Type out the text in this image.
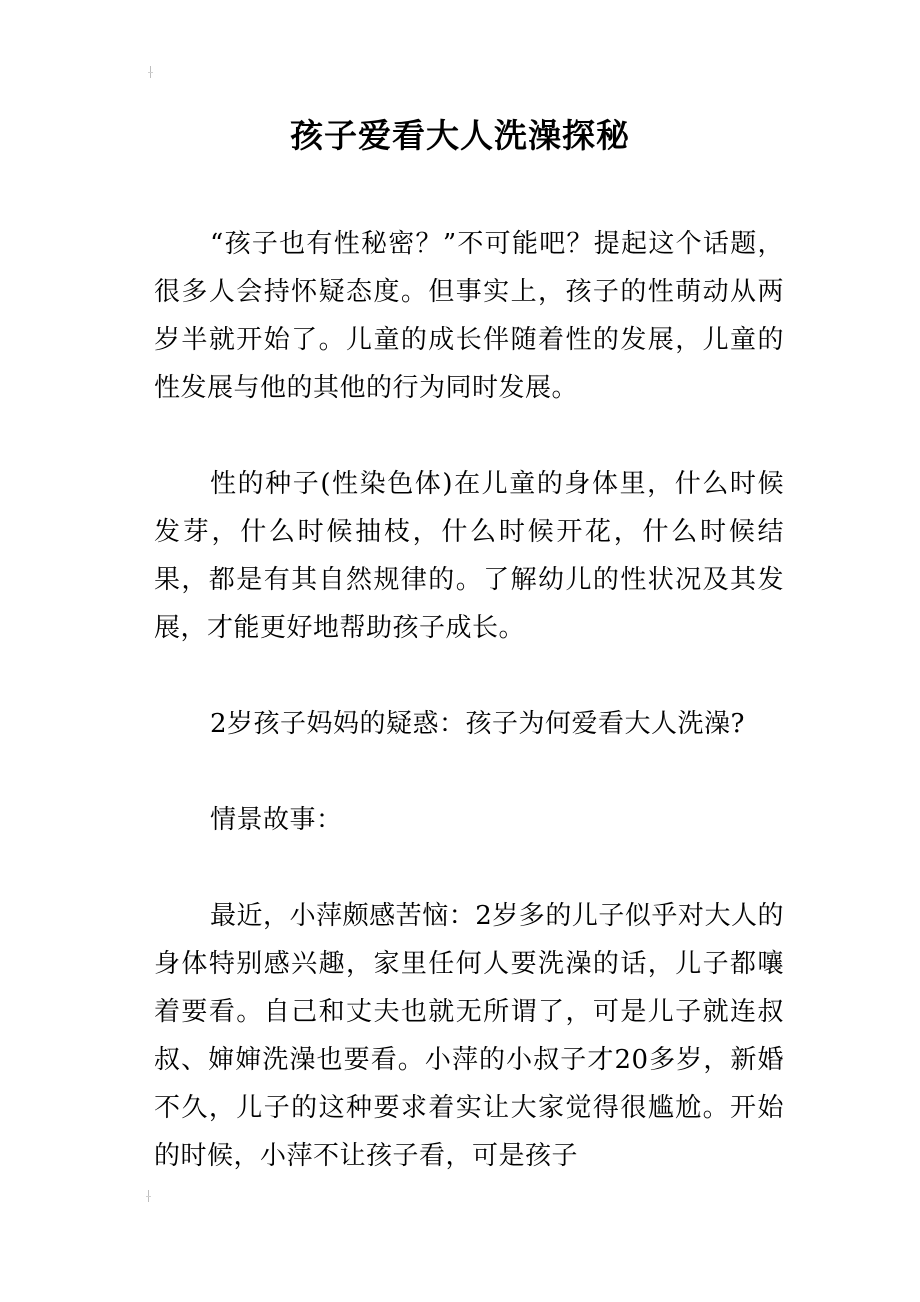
孩子爱看大人洗澡探秘

“孩子也有性秘密？”不可能吧？提起这个话题，很多人会持怀疑态度。但事实上，孩子的性萌动从两岁半就开始了。儿童的成长伴随着性的发展，儿童的性发展与他的其他的行为同时发展。

性的种子(性染色体)在儿童的身体里，什么时候发芽，什么时候抽枝，什么时候开花，什么时候结果，都是有其自然规律的。了解幼儿的性状况及其发展，才能更好地帮助孩子成长。

2岁孩子妈妈的疑惑：孩子为何爱看大人洗澡?

情景故事：

最近，小萍颇感苦恼：2岁多的儿子似乎对大人的身体特别感兴趣，家里任何人要洗澡的话，儿子都嚷着要看。自己和丈夫也就无所谓了，可是儿子就连叔叔、婶婶洗澡也要看。小萍的小叔子才20多岁，新婚不久，儿子的这种要求着实让大家觉得很尴尬。开始的时候，小萍不让孩子看，可是孩子
